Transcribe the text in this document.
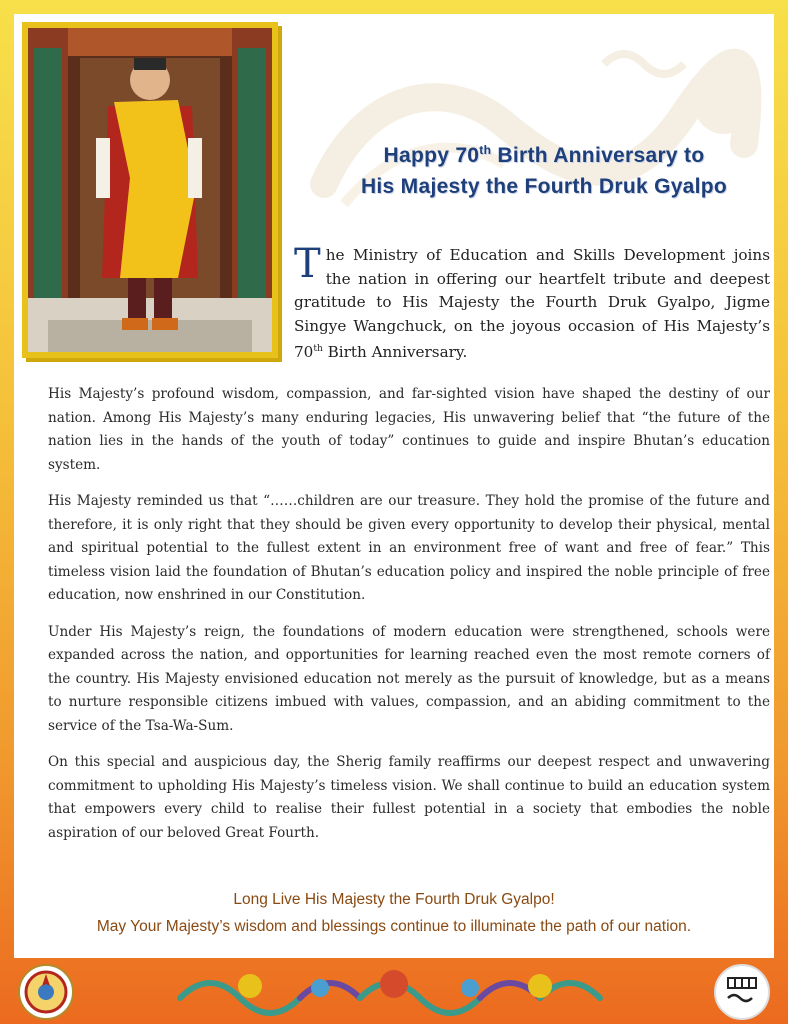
Happy 70th Birth Anniversary to
His Majesty the Fourth Druk Gyalpo
The Ministry of Education and Skills Development joins the nation in offering our heartfelt tribute and deepest gratitude to His Majesty the Fourth Druk Gyalpo, Jigme Singye Wangchuck, on the joyous occasion of His Majesty’s 70th Birth Anniversary.

His Majesty’s profound wisdom, compassion, and far-sighted vision have shaped the destiny of our nation. Among His Majesty’s many enduring legacies, His unwavering belief that “the future of the nation lies in the hands of the youth of today” continues to guide and inspire Bhutan’s education system.

His Majesty reminded us that “……children are our treasure. They hold the promise of the future and therefore, it is only right that they should be given every opportunity to develop their physical, mental and spiritual potential to the fullest extent in an environment free of want and free of fear.” This timeless vision laid the foundation of Bhutan’s education policy and inspired the noble principle of free education, now enshrined in our Constitution.

Under His Majesty’s reign, the foundations of modern education were strengthened, schools were expanded across the nation, and opportunities for learning reached even the most remote corners of the country. His Majesty envisioned education not merely as the pursuit of knowledge, but as a means to nurture responsible citizens imbued with values, compassion, and an abiding commitment to the service of the Tsa-Wa-Sum.

On this special and auspicious day, the Sherig family reaffirms our deepest respect and unwavering commitment to upholding His Majesty’s timeless vision. We shall continue to build an education system that empowers every child to realise their fullest potential in a society that embodies the noble aspiration of our beloved Great Fourth.

Long Live His Majesty the Fourth Druk Gyalpo!
May Your Majesty’s wisdom and blessings continue to illuminate the path of our nation.
